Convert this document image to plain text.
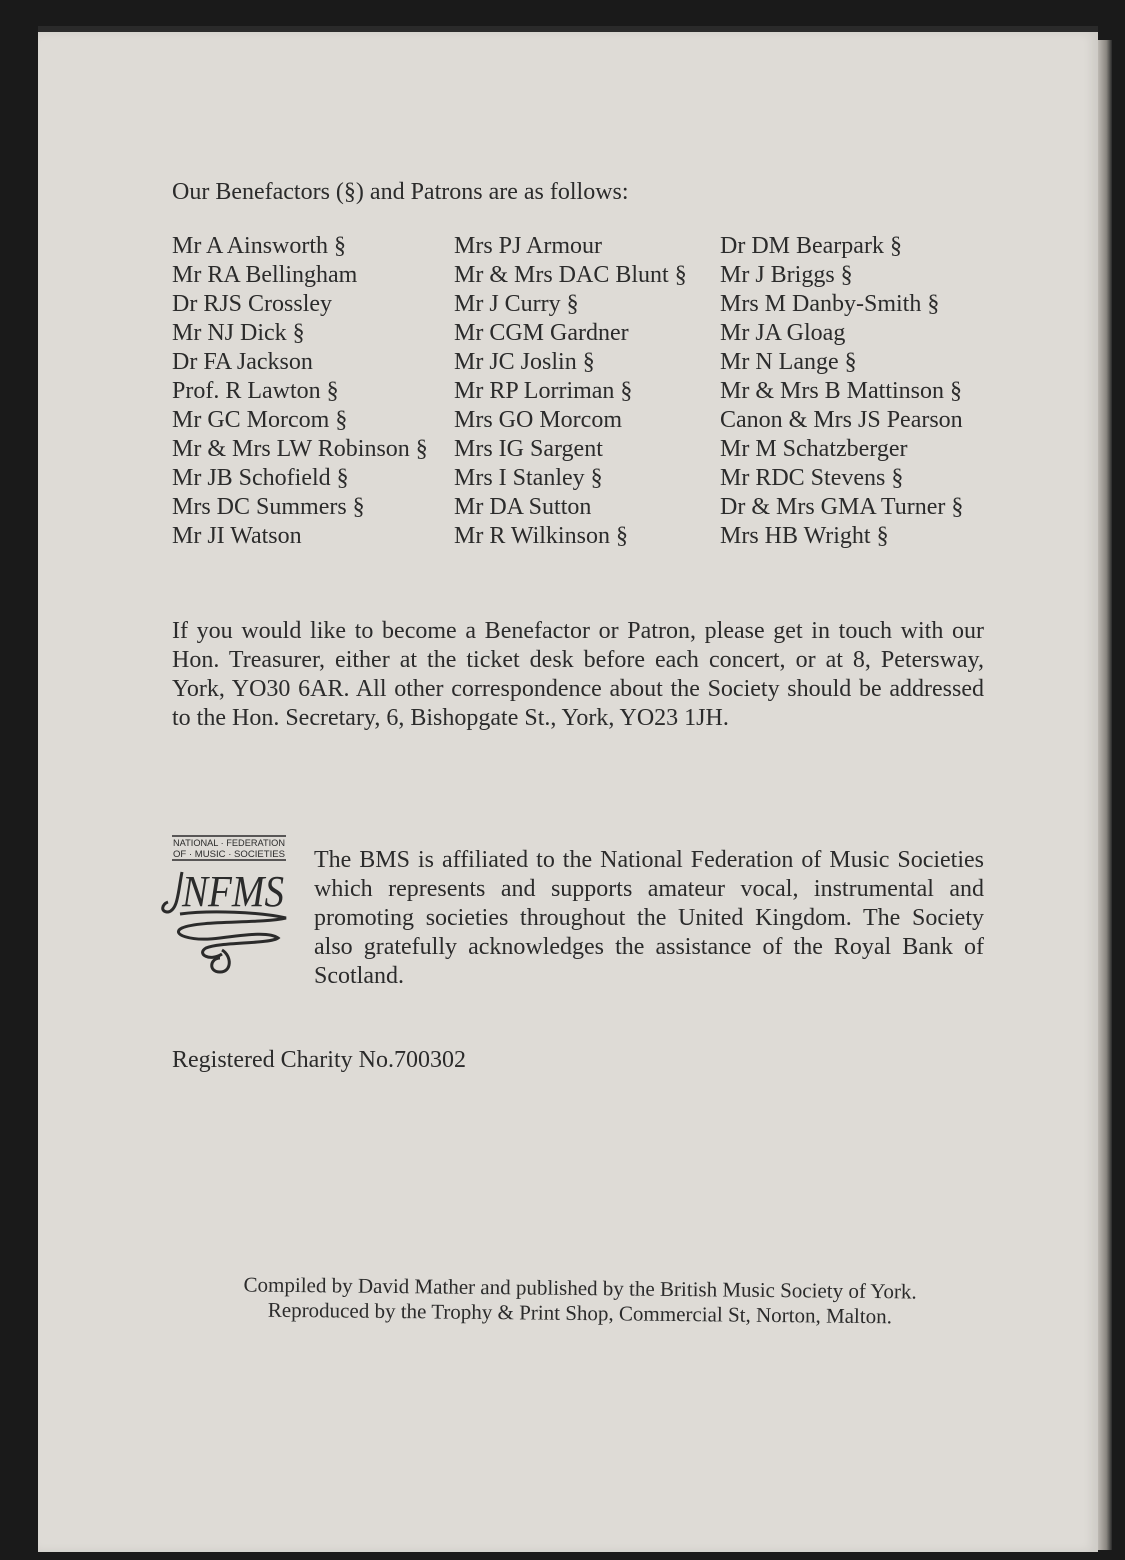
Our Benefactors (§) and Patrons are as follows:

Mr A Ainsworth §
Mr RA Bellingham
Dr RJS Crossley
Mr NJ Dick §
Dr FA Jackson
Prof. R Lawton §
Mr GC Morcom §
Mr & Mrs LW Robinson §
Mr JB Schofield §
Mrs DC Summers §
Mr JI Watson
Mrs PJ Armour
Mr & Mrs DAC Blunt §
Mr J Curry §
Mr CGM Gardner
Mr JC Joslin §
Mr RP Lorriman §
Mrs GO Morcom
Mrs IG Sargent
Mrs I Stanley §
Mr DA Sutton
Mr R Wilkinson §
Dr DM Bearpark §
Mr J Briggs §
Mrs M Danby-Smith §
Mr JA Gloag
Mr N Lange §
Mr & Mrs B Mattinson §
Canon & Mrs JS Pearson
Mr M Schatzberger
Mr RDC Stevens §
Dr & Mrs GMA Turner §
Mrs HB Wright §

If you would like to become a Benefactor or Patron, please get in touch with our Hon. Treasurer, either at the ticket desk before each concert, or at 8, Petersway, York, YO30 6AR. All other correspondence about the Society should be addressed to the Hon. Secretary, 6, Bishopgate St., York, YO23 1JH.

NATIONAL · FEDERATION
OF · MUSIC · SOCIETIES
NFMS

The BMS is affiliated to the National Federation of Music Societies which represents and supports amateur vocal, instrumental and promoting societies throughout the United Kingdom. The Society also gratefully acknowledges the assistance of the Royal Bank of Scotland.

Registered Charity No.700302

Compiled by David Mather and published by the British Music Society of York.

Reproduced by the Trophy & Print Shop, Commercial St, Norton, Malton.
